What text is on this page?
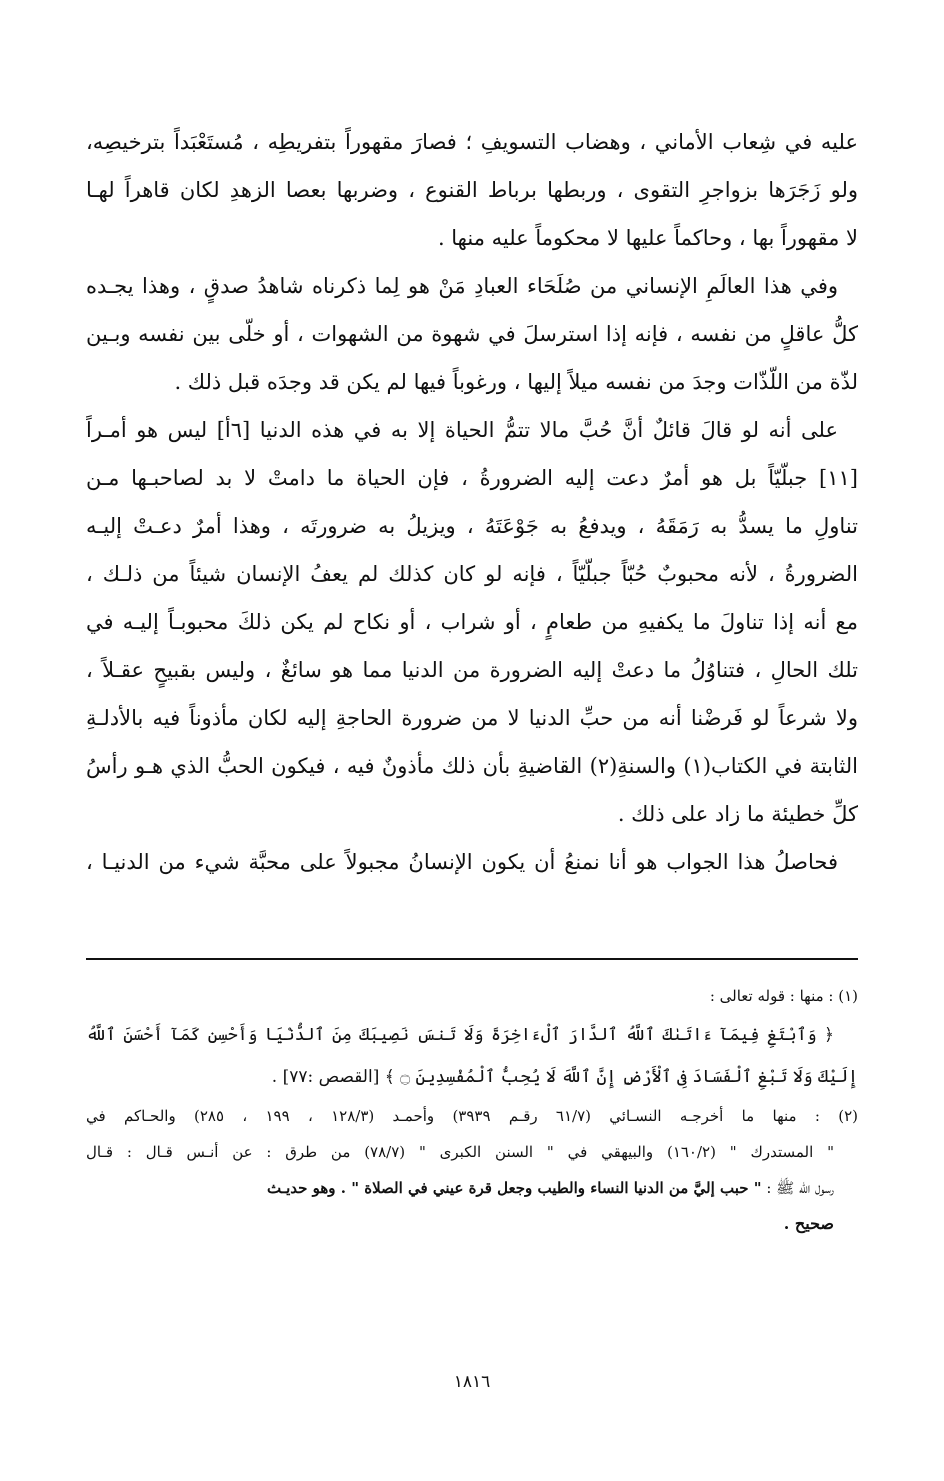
عليه في شِعاب الأماني ، وهضاب التسويفِ ؛ فصارَ مقهوراً بتفريطِه ، مُستَعْبَداً بترخيصِه،
ولو زَجَرَها بزواجرِ التقوى ، وربطها برباط القنوع ، وضربها بعصا الزهدِ لكان قاهراً لهـا
لا مقهوراً بها ، وحاكماً عليها لا محكوماً عليه منها .
وفي هذا العالَمِ الإنساني من صُلَحَاء العبادِ مَنْ هو لِما ذكرناه شاهدُ صدقٍ ، وهذا يجـده
كلُّ عاقلٍ من نفسه ، فإنه إذا استرسلَ في شهوة من الشهوات ، أو خلّى بين نفسه وبـين
لذّة من اللّذّات وجدَ من نفسه ميلاً إليها ، ورغوباً فيها لم يكن قد وجدَه قبل ذلك .
على أنه لو قالَ قائلٌ أنَّ حُبَّ مالا تتمُّ الحياة إلا به في هذه الدنيا [٦أ] ليس هو أمـراً
[١١] جبلّيّاً بل هو أمرٌ دعت إليه الضرورةُ ، فإن الحياة ما دامتْ لا بد لصاحبـها مـن
تناولِ ما يسدُّ به رَمَقَهُ ، ويدفعُ به جَوْعَتَهُ ، ويزيلُ به ضرورتَه ، وهذا أمرٌ دعـتْ إليـه
الضرورةُ ، لأنه محبوبٌ حُبّاً جبلّيّاً ، فإنه لو كان كذلك لم يعفُ الإنسان شيئاً من ذلـك ،
مع أنه إذا تناولَ ما يكفيهِ من طعامٍ ، أو شراب ، أو نكاح لم يكن ذلكَ محبوبـاً إليـه في
تلك الحالِ ، فتناوُلُ ما دعتْ إليه الضرورة من الدنيا مما هو سائغٌ ، وليس بقبيحٍ عقـلاً ،
ولا شرعاً لو فَرضْنا أنه من حبِّ الدنيا لا من ضرورة الحاجةِ إليه لكان مأذوناً فيه بالأدلـةِ
الثابتة في الكتاب(١) والسنةِ(٢) القاضيةِ بأن ذلك مأذونٌ فيه ، فيكون الحبُّ الذي هـو رأسُ
كلِّ خطيئة ما زاد على ذلك .
فحاصلُ هذا الجواب هو أنا نمنعُ أن يكون الإنسانُ مجبولاً على محبَّة شيء من الدنيـا ،
(١) : منها : قوله تعالى :
﴿ وَٱبْتَغِ فِيمَآ ءَاتَىٰكَ ٱللَّهُ ٱلدَّارَ ٱلْءَاخِرَةَ وَلَا تَنسَ نَصِيبَكَ مِنَ ٱلدُّنْيَا وَأَحْسِن كَمَآ أَحْسَنَ ٱللَّهُ
إِلَيْكَ وَلَا تَبْغِ ٱلْفَسَادَ فِى ٱلْأَرْضِ إِنَّ ٱللَّهَ لَا يُحِبُّ ٱلْمُفْسِدِينَ ۝ ﴾ [القصص :٧٧] .
(٢) : منها ما أخرجـه النسـائي (٦١/٧ رقـم ٣٩٣٩) وأحمـد (١٢٨/٣ ، ١٩٩ ، ٢٨٥) والحـاكم في
" المستدرك " (١٦٠/٢) والبيهقي في " السنن الكبرى " (٧٨/٧) من طرق : عن أنـس قـال : قـال
رسول الله ﷺ : " حبب إليَّ من الدنيا النساء والطيب وجعل قرة عيني في الصلاة " . وهو حديـث
صحيح .
١٨١٦
